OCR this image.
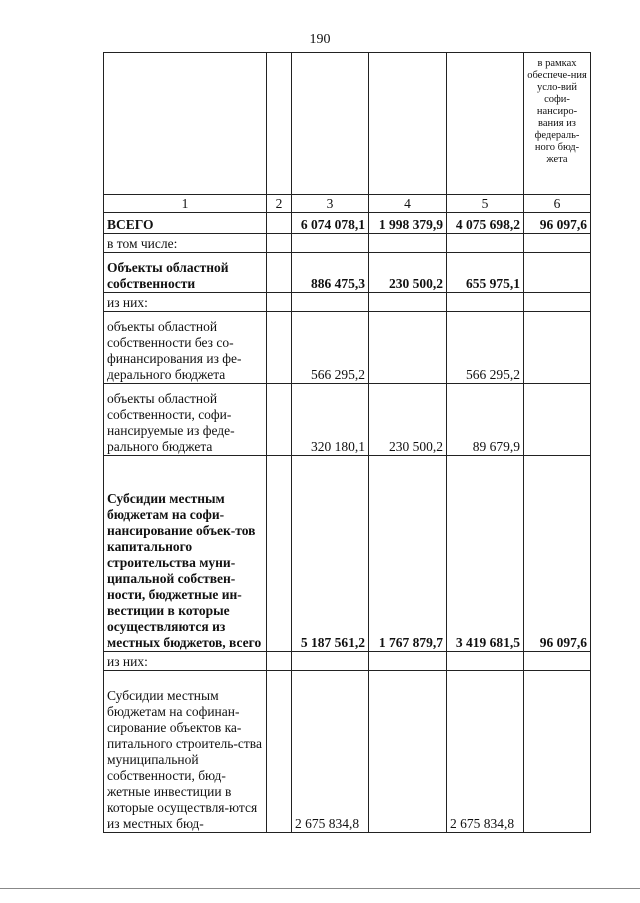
190
					в рамках обеспече-ния усло-вий софи-нансиро-вания из федераль-ного бюд-жета
1	2	3	4	5	6
ВСЕГО		6 074 078,1	1 998 379,9	4 075 698,2	96 097,6
в том числе:					
Объекты областной собственности		886 475,3	230 500,2	655 975,1	
из них:					
объекты областной собственности без со-финансирования из фе-дерального бюджета		566 295,2		566 295,2	
объекты областной собственности, софи-нансируемые из феде-рального бюджета		320 180,1	230 500,2	89 679,9	
Субсидии местным бюджетам на софи-нансирование объек-тов капитального строительства муни-ципальной собствен-ности, бюджетные ин-вестиции в которые осуществляются из местных бюджетов, всего		5 187 561,2	1 767 879,7	3 419 681,5	96 097,6
из них:					
Субсидии местным бюджетам на софинан-сирование объектов ка-питального строитель-ства муниципальной собственности, бюд-жетные инвестиции в которые осуществля-ются из местных бюд-		2 675 834,8		2 675 834,8	
